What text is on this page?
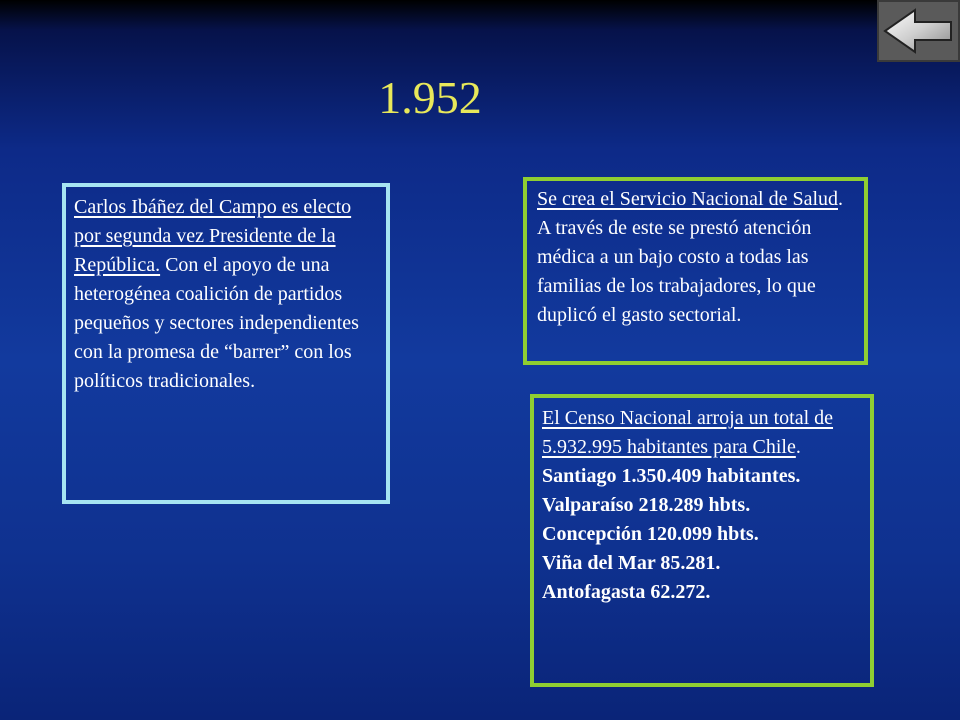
1.952
Carlos Ibáñez del Campo es electo por segunda vez Presidente de la República. Con el apoyo de una heterogénea coalición de partidos pequeños y sectores independientes con la promesa de “barrer” con los políticos tradicionales.
Se crea el Servicio Nacional de Salud. A través de este se prestó atención médica a un bajo costo a todas las familias de los trabajadores, lo que duplicó el gasto sectorial.
El Censo Nacional arroja un total de 5.932.995 habitantes para Chile.
Santiago 1.350.409 habitantes.
Valparaíso 218.289 hbts.
Concepción 120.099 hbts.
Viña del Mar 85.281.
Antofagasta 62.272.
